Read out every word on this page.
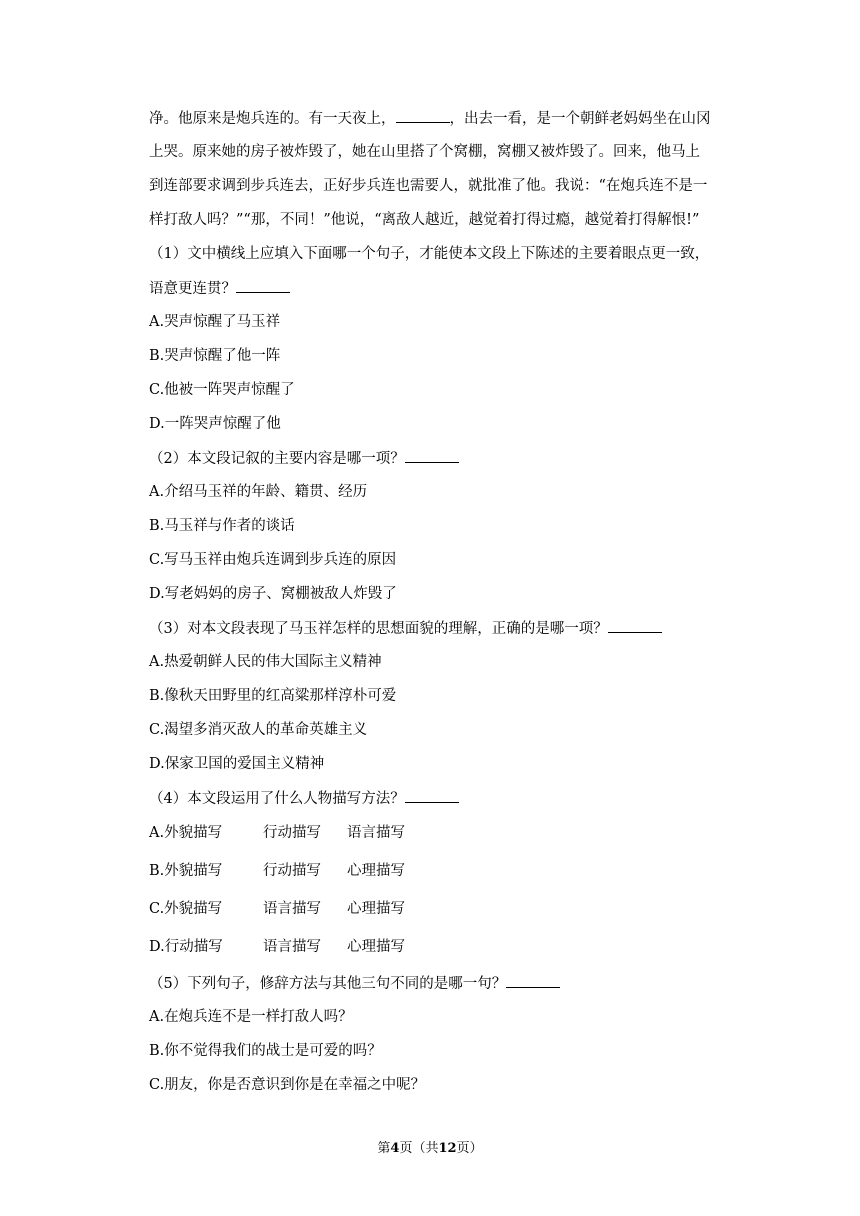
净。他原来是炮兵连的。有一天夜上，	，出去一看，是一个朝鲜老妈妈坐在山冈
上哭。原来她的房子被炸毁了，她在山里搭了个窝棚，窝棚又被炸毁了。回来，他马上
到连部要求调到步兵连去，正好步兵连也需要人，就批准了他。我说：“在炮兵连不是一
样打敌人吗？”“那，不同！”他说，“离敌人越近，越觉着打得过瘾，越觉着打得解恨!”
（1）文中横线上应填入下面哪一个句子，才能使本文段上下陈述的主要着眼点更一致，
语意更连贯？
A.哭声惊醒了马玉祥
B.哭声惊醒了他一阵
C.他被一阵哭声惊醒了
D.一阵哭声惊醒了他
（2）本文段记叙的主要内容是哪一项？
A.介绍马玉祥的年龄、籍贯、经历
B.马玉祥与作者的谈话
C.写马玉祥由炮兵连调到步兵连的原因
D.写老妈妈的房子、窝棚被敌人炸毁了
（3）对本文段表现了马玉祥怎样的思想面貌的理解，正确的是哪一项？
A.热爱朝鲜人民的伟大国际主义精神
B.像秋天田野里的红高粱那样淳朴可爱
C.渴望多消灭敌人的革命英雄主义
D.保家卫国的爱国主义精神
（4）本文段运用了什么人物描写方法？
A.外貌描写	行动描写 语言描写
B.外貌描写	行动描写 心理描写
C.外貌描写	语言描写 心理描写
D.行动描写	语言描写 心理描写
（5）下列句子，修辞方法与其他三句不同的是哪一句？
A.在炮兵连不是一样打敌人吗？
B.你不觉得我们的战士是可爱的吗？
C.朋友，你是否意识到你是在幸福之中呢？
第4页（共12页）
